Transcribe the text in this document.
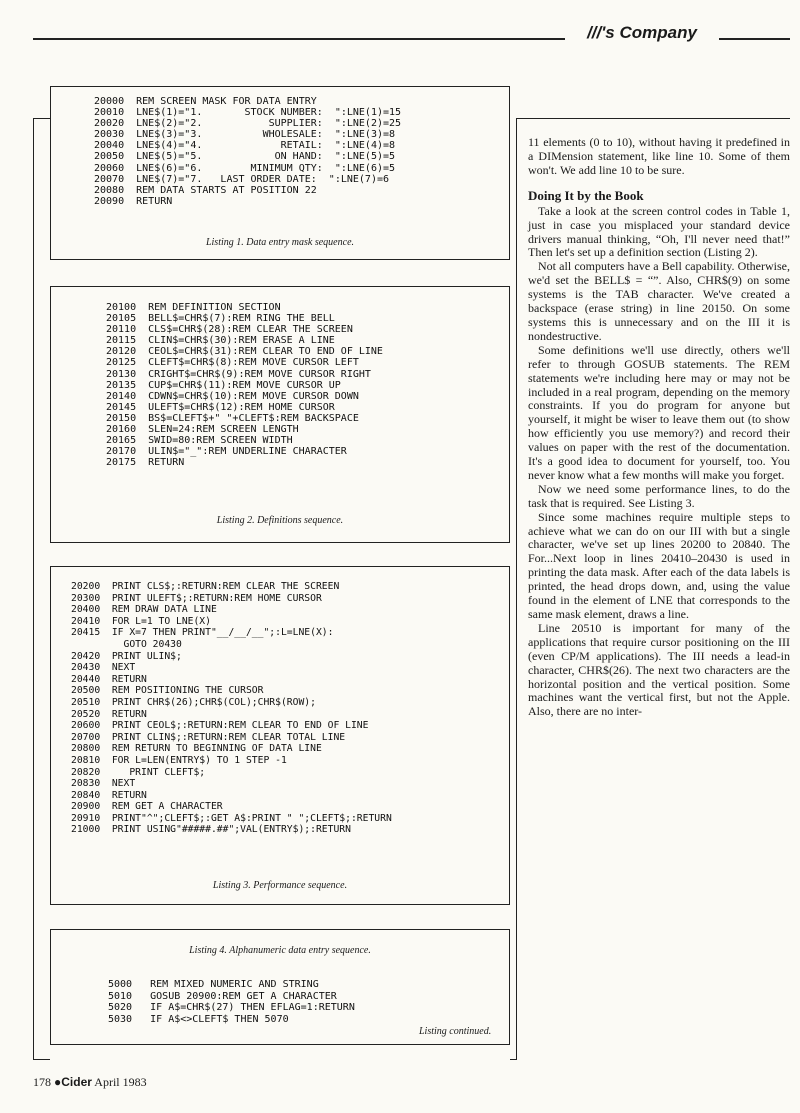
///'s Company
20000  REM SCREEN MASK FOR DATA ENTRY
20010  LNE$(1)="1.       STOCK NUMBER:  ":LNE(1)=15
20020  LNE$(2)="2.           SUPPLIER:  ":LNE(2)=25
20030  LNE$(3)="3.          WHOLESALE:  ":LNE(3)=8
20040  LNE$(4)="4.             RETAIL:  ":LNE(4)=8
20050  LNE$(5)="5.            ON HAND:  ":LNE(5)=5
20060  LNE$(6)="6.        MINIMUM QTY:  ":LNE(6)=5
20070  LNE$(7)="7.   LAST ORDER DATE:  ":LNE(7)=6
20080  REM DATA STARTS AT POSITION 22
20090  RETURN
Listing 1. Data entry mask sequence.
20100  REM DEFINITION SECTION
20105  BELL$=CHR$(7):REM RING THE BELL
20110  CLS$=CHR$(28):REM CLEAR THE SCREEN
20115  CLIN$=CHR$(30):REM ERASE A LINE
20120  CEOL$=CHR$(31):REM CLEAR TO END OF LINE
20125  CLEFT$=CHR$(8):REM MOVE CURSOR LEFT
20130  CRIGHT$=CHR$(9):REM MOVE CURSOR RIGHT
20135  CUP$=CHR$(11):REM MOVE CURSOR UP
20140  CDWN$=CHR$(10):REM MOVE CURSOR DOWN
20145  ULEFT$=CHR$(12):REM HOME CURSOR
20150  BS$=CLEFT$+" "+CLEFT$:REM BACKSPACE
20160  SLEN=24:REM SCREEN LENGTH
20165  SWID=80:REM SCREEN WIDTH
20170  ULIN$="_":REM UNDERLINE CHARACTER
20175  RETURN
Listing 2. Definitions sequence.
20200  PRINT CLS$;:RETURN:REM CLEAR THE SCREEN
20300  PRINT ULEFT$;:RETURN:REM HOME CURSOR
20400  REM DRAW DATA LINE
20410  FOR L=1 TO LNE(X)
20415  IF X=7 THEN PRINT"__/__/__";:L=LNE(X):
GOTO 20430
20420  PRINT ULIN$;
20430  NEXT
20440  RETURN
20500  REM POSITIONING THE CURSOR
20510  PRINT CHR$(26);CHR$(COL);CHR$(ROW);
20520  RETURN
20600  PRINT CEOL$;:RETURN:REM CLEAR TO END OF LINE
20700  PRINT CLIN$;:RETURN:REM CLEAR TOTAL LINE
20800  REM RETURN TO BEGINNING OF DATA LINE
20810  FOR L=LEN(ENTRY$) TO 1 STEP -1
20820     PRINT CLEFT$;
20830  NEXT
20840  RETURN
20900  REM GET A CHARACTER
20910  PRINT"^";CLEFT$;:GET A$:PRINT " ";CLEFT$;:RETURN
21000  PRINT USING"#####.##";VAL(ENTRY$);:RETURN
Listing 3. Performance sequence.
Listing 4. Alphanumeric data entry sequence.
5000   REM MIXED NUMERIC AND STRING
5010   GOSUB 20900:REM GET A CHARACTER
5020   IF A$=CHR$(27) THEN EFLAG=1:RETURN
5030   IF A$<>CLEFT$ THEN 5070
Listing continued.

11 elements (0 to 10), without having it predefined in a DIMension statement, like line 10. Some of them won't. We add line 10 to be sure.

Doing It by the Book

Take a look at the screen control codes in Table 1, just in case you misplaced your standard device drivers manual thinking, “Oh, I'll never need that!” Then let's set up a definition section (Listing 2).

Not all computers have a Bell capability. Otherwise, we'd set the BELL$ = “”. Also, CHR$(9) on some systems is the TAB character. We've created a backspace (erase string) in line 20150. On some systems this is unnecessary and on the III it is nondestructive.

Some definitions we'll use directly, others we'll refer to through GOSUB statements. The REM statements we're including here may or may not be included in a real program, depending on the memory constraints. If you do program for anyone but yourself, it might be wiser to leave them out (to show how efficiently you use memory?) and record their values on paper with the rest of the documentation. It's a good idea to document for yourself, too. You never know what a few months will make you forget.

Now we need some performance lines, to do the task that is required. See Listing 3.

Since some machines require multiple steps to achieve what we can do on our III with but a single character, we've set up lines 20200 to 20840. The For...Next loop in lines 20410–20430 is used in printing the data mask. After each of the data labels is printed, the head drops down, and, using the value found in the element of LNE that corresponds to the same mask element, draws a line.

Line 20510 is important for many of the applications that require cursor positioning on the III (even CP/M applications). The III needs a lead-in character, CHR$(26). The next two characters are the horizontal position and the vertical position. Some machines want the vertical first, but not the Apple. Also, there are no inter-

178 ●Cider April 1983
